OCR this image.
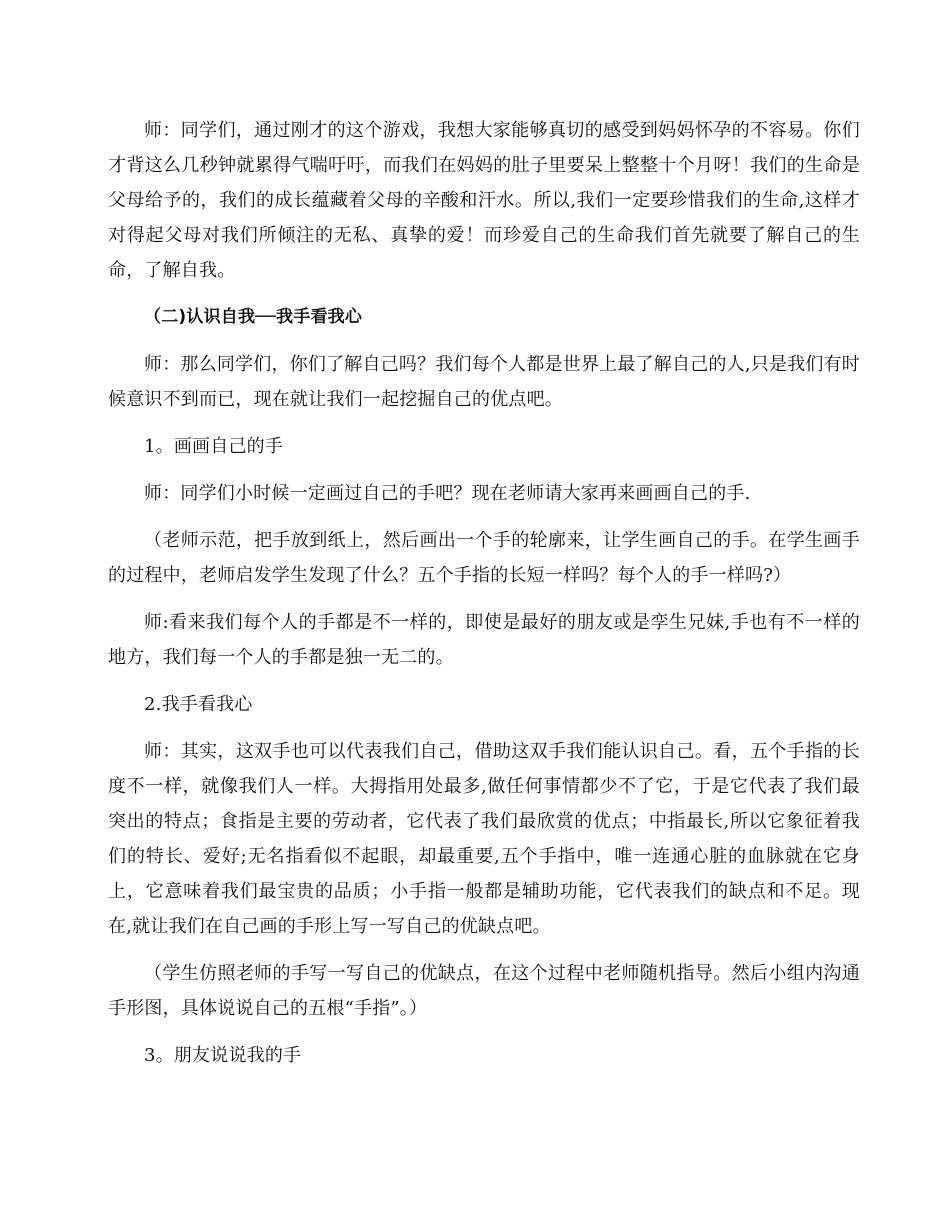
师：同学们，通过刚才的这个游戏，我想大家能够真切的感受到妈妈怀孕的不容易。你们才背这么几秒钟就累得气喘吁吁，而我们在妈妈的肚子里要呆上整整十个月呀！我们的生命是父母给予的，我们的成长蕴藏着父母的辛酸和汗水。所以,我们一定要珍惜我们的生命,这样才对得起父母对我们所倾注的无私、真挚的爱！而珍爱自己的生命我们首先就要了解自己的生命，了解自我。

（二)认识自我──我手看我心

师：那么同学们，你们了解自己吗？我们每个人都是世界上最了解自己的人,只是我们有时候意识不到而已，现在就让我们一起挖掘自己的优点吧。

1。画画自己的手

师：同学们小时候一定画过自己的手吧？现在老师请大家再来画画自己的手.

（老师示范，把手放到纸上，然后画出一个手的轮廓来，让学生画自己的手。在学生画手的过程中，老师启发学生发现了什么？五个手指的长短一样吗？每个人的手一样吗?）

师:看来我们每个人的手都是不一样的，即使是最好的朋友或是孪生兄妹,手也有不一样的地方，我们每一个人的手都是独一无二的。

2.我手看我心

师：其实，这双手也可以代表我们自己，借助这双手我们能认识自己。看，五个手指的长度不一样，就像我们人一样。大拇指用处最多,做任何事情都少不了它，于是它代表了我们最突出的特点；食指是主要的劳动者，它代表了我们最欣赏的优点；中指最长,所以它象征着我们的特长、爱好;无名指看似不起眼，却最重要,五个手指中，唯一连通心脏的血脉就在它身上，它意味着我们最宝贵的品质；小手指一般都是辅助功能，它代表我们的缺点和不足。现在,就让我们在自己画的手形上写一写自己的优缺点吧。

（学生仿照老师的手写一写自己的优缺点，在这个过程中老师随机指导。然后小组内沟通手形图，具体说说自己的五根“手指”。）

3。朋友说说我的手
